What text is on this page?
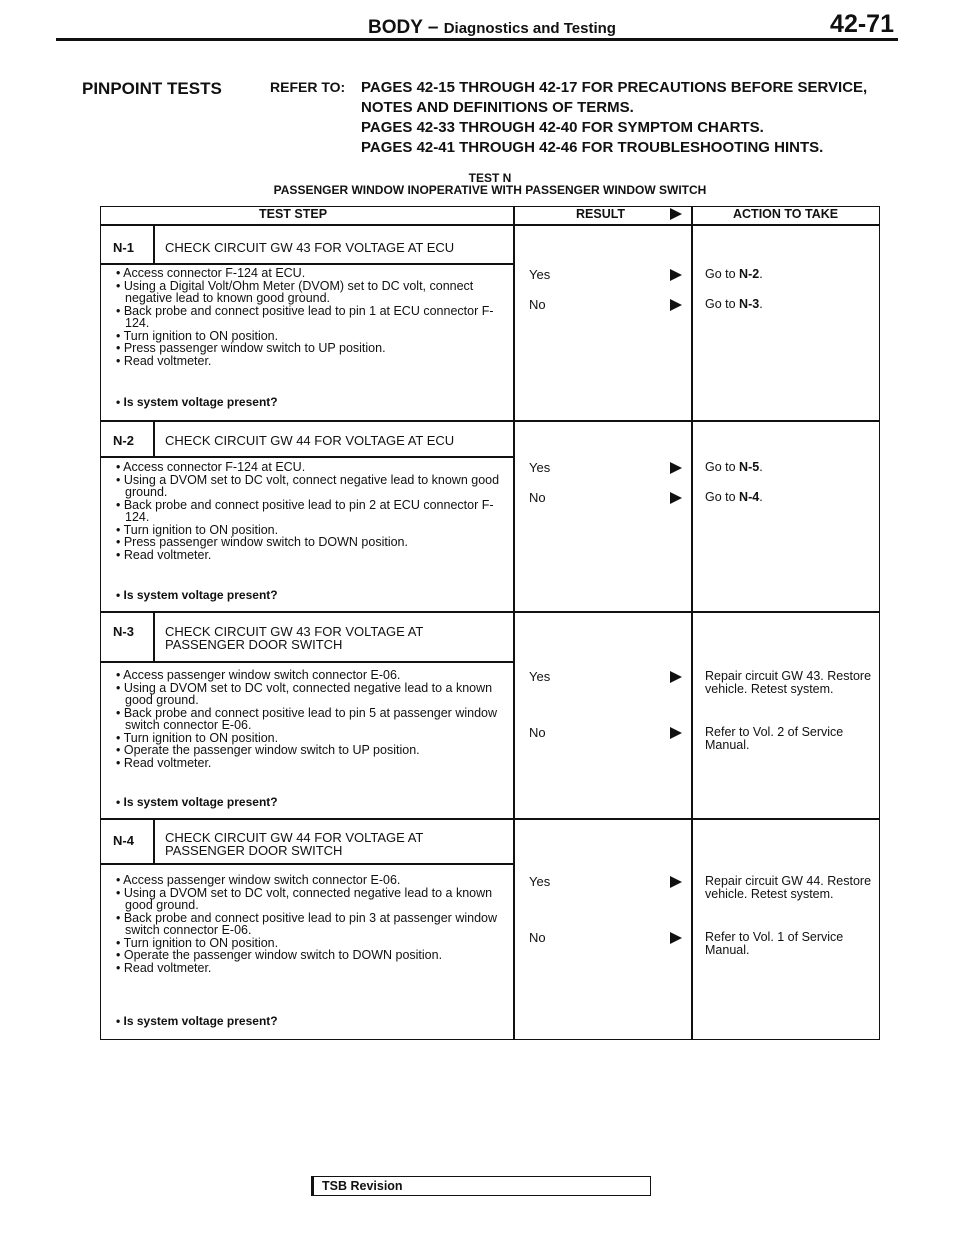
BODY – Diagnostics and Testing	42-71
PINPOINT TESTS	REFER TO: PAGES 42-15 THROUGH 42-17 FOR PRECAUTIONS BEFORE SERVICE,
NOTES AND DEFINITIONS OF TERMS.
PAGES 42-33 THROUGH 42-40 FOR SYMPTOM CHARTS.
PAGES 42-41 THROUGH 42-46 FOR TROUBLESHOOTING HINTS.
TEST N
PASSENGER WINDOW INOPERATIVE WITH PASSENGER WINDOW SWITCH
TEST STEP	RESULT	ACTION TO TAKE
N-1 CHECK CIRCUIT GW 43 FOR VOLTAGE AT ECU
• Access connector F-124 at ECU.
• Using a Digital Volt/Ohm Meter (DVOM) set to DC volt, connect negative lead to known good ground.
• Back probe and connect positive lead to pin 1 at ECU connector F-124.
• Turn ignition to ON position.
• Press passenger window switch to UP position.
• Read voltmeter.
• Is system voltage present?
Yes	Go to N-2.
No	Go to N-3.
N-2 CHECK CIRCUIT GW 44 FOR VOLTAGE AT ECU
• Access connector F-124 at ECU.
• Using a DVOM set to DC volt, connect negative lead to known good ground.
• Back probe and connect positive lead to pin 2 at ECU connector F-124.
• Turn ignition to ON position.
• Press passenger window switch to DOWN position.
• Read voltmeter.
• Is system voltage present?
Yes	Go to N-5.
No	Go to N-4.
N-3 CHECK CIRCUIT GW 43 FOR VOLTAGE AT PASSENGER DOOR SWITCH
• Access passenger window switch connector E-06.
• Using a DVOM set to DC volt, connected negative lead to a known good ground.
• Back probe and connect positive lead to pin 5 at passenger window switch connector E-06.
• Turn ignition to ON position.
• Operate the passenger window switch to UP position.
• Read voltmeter.
• Is system voltage present?
Yes	Repair circuit GW 43. Restore vehicle. Retest system.
No	Refer to Vol. 2 of Service Manual.
N-4 CHECK CIRCUIT GW 44 FOR VOLTAGE AT PASSENGER DOOR SWITCH
• Access passenger window switch connector E-06.
• Using a DVOM set to DC volt, connected negative lead to a known good ground.
• Back probe and connect positive lead to pin 3 at passenger window switch connector E-06.
• Turn ignition to ON position.
• Operate the passenger window switch to DOWN position.
• Read voltmeter.
• Is system voltage present?
Yes	Repair circuit GW 44. Restore vehicle. Retest system.
No	Refer to Vol. 1 of Service Manual.
TSB Revision
